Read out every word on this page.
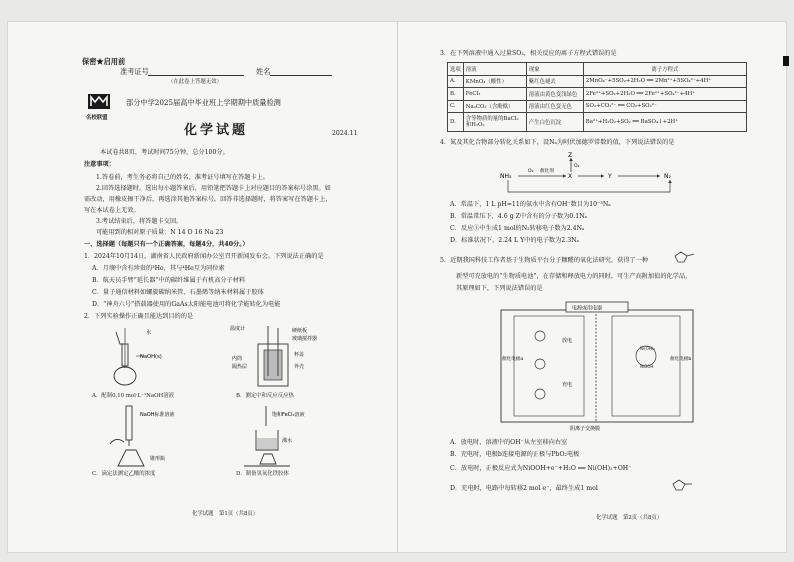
保密★启用前
准考证号	姓名
（在此卷上答题无效）
名校联盟
部分中学2025届高中毕业班上学期期中质量检测
化学试题	2024.11
本试卷共8页，考试时间75分钟，总分100分。
注意事项：
1.答卷前，考生务必将自己的姓名、准考证号填写在答题卡上。
2.回答选择题时，选出每小题答案后，用铅笔把答题卡上对应题目的答案标号涂黑。如
需改动，用橡皮擦干净后，再选涂其他答案标号。回答非选择题时，将答案写在答题卡上，
写在本试卷上无效。
3.考试结束后，将答题卡交回。
可能用到的相对原子质量：N 14 O 16 Na 23
一、选择题（每题只有一个正确答案，每题4分，共40分。）
1．2024年10月14日，湖南省人民政府新闻办公室召开新闻发布会。下列说法正确的是
A．月壤中含有珍贵的³He，其与⁴He互为同位素
B．航天员手臂“延长器”中的碳纤维属于有机高分子材料
C．量子通信材料如螺旋碳纳米管、石墨烯等纳米材料属于胶体
D．“神舟六号”搭载器使用的GaAs太阳能电池可将化学能转化为电能
2．下列实验操作正确且能达到目的的是
水
NaOH(s)
A．配制0.10 mol·L⁻¹NaOH溶液
温度计	硬纸板
玻璃搅拌器
内筒
杯盖
隔热层	外壳
B．测定中和反应反应热
NaOH标准溶液
锥形瓶
C．滴定法测定乙酸的浓度
饱和FeCl₃溶液
沸水
D．制备氢氧化铁胶体
化学试题　第1页（共8页）
3．在下列溶液中通入过量SO₂，相关反应的离子方程式错误的是
选项	溶液	现象	离子方程式
A.	KMnO₄（酸性）	紫红色褪去	2MnO₄⁻+5SO₂+2H₂O ══ 2Mn²⁺+5SO₄²⁻+4H⁺
B.	FeCl₃	溶液由黄色变浅绿色	2Fe³⁺+SO₂+2H₂O ══ 2Fe²⁺+SO₄²⁻+4H⁺
C.	Na₂CO₃（含酚酞）	溶液由红色变无色	SO₂+CO₃²⁻ ══ CO₂+SO₃²⁻
D.	含等物质的量的BaCl₂和H₂O₂	产生白色沉淀	Ba²⁺+H₂O₂+SO₂ ══ BaSO₄↓+2H⁺
4．氮及其化合物部分转化关系如下，设Nₐ为阿伏加德罗常数的值，下列说法错误的是
NH₃
O₂ 催化剂
X
Z
O₂
Y	N₂
A．常温下，1 L pH=11的氨水中含有OH⁻数目为10⁻³Nₐ
B．常温常压下，4.6 g Z中含有的分子数为0.1Nₐ
C．反应①中生成1 mol的N₂转移电子数为2.4Nₐ
D．标准状况下，2.24 L Y中的电子数为2.3Nₐ
5．近期我国科技工作者基于生物质平台分子糠醛的氧化法研究，获得了一种
新型可充放电的“生物质电池”，在存储和释放电力的同时，可生产高附加值的化学品，
其原理如下，下列说法错误的是
电源或用电器
放电
充电
催化电极a	催化电极b
Ni(OH)₂
NiOOH
阴离子交换膜
A．放电时，溶液中的OH⁻从左室移向右室
B．充电时，电极b连接电源的正极与PbO₂电极
C．放电时，正极反应式为NiOOH+e⁻+H₂O ══ Ni(OH)₂+OH⁻
D．充电时，电路中每转移2 mol e⁻，最终生成1 mol
化学试题　第2页（共8页）
